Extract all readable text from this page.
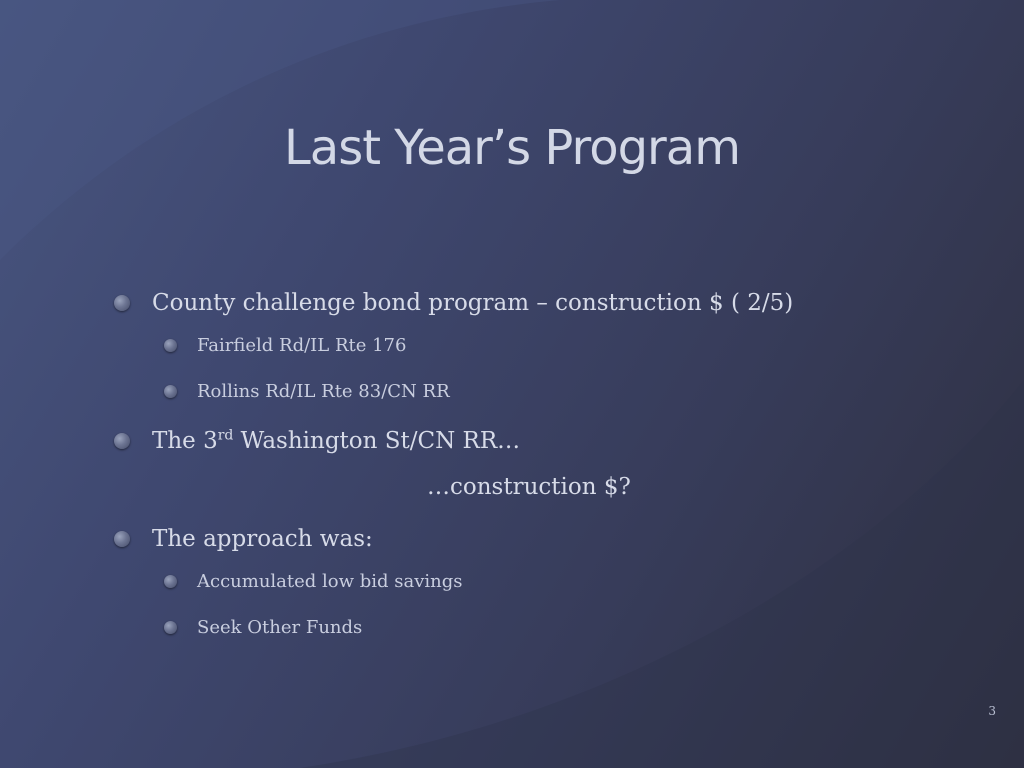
Last Year’s Program
County challenge bond program – construction $ ( 2/5)
Fairfield Rd/IL Rte 176
Rollins Rd/IL Rte 83/CN RR
The 3rd Washington St/CN RR…
…construction $?
The approach was:
Accumulated low bid savings
Seek Other Funds
3
